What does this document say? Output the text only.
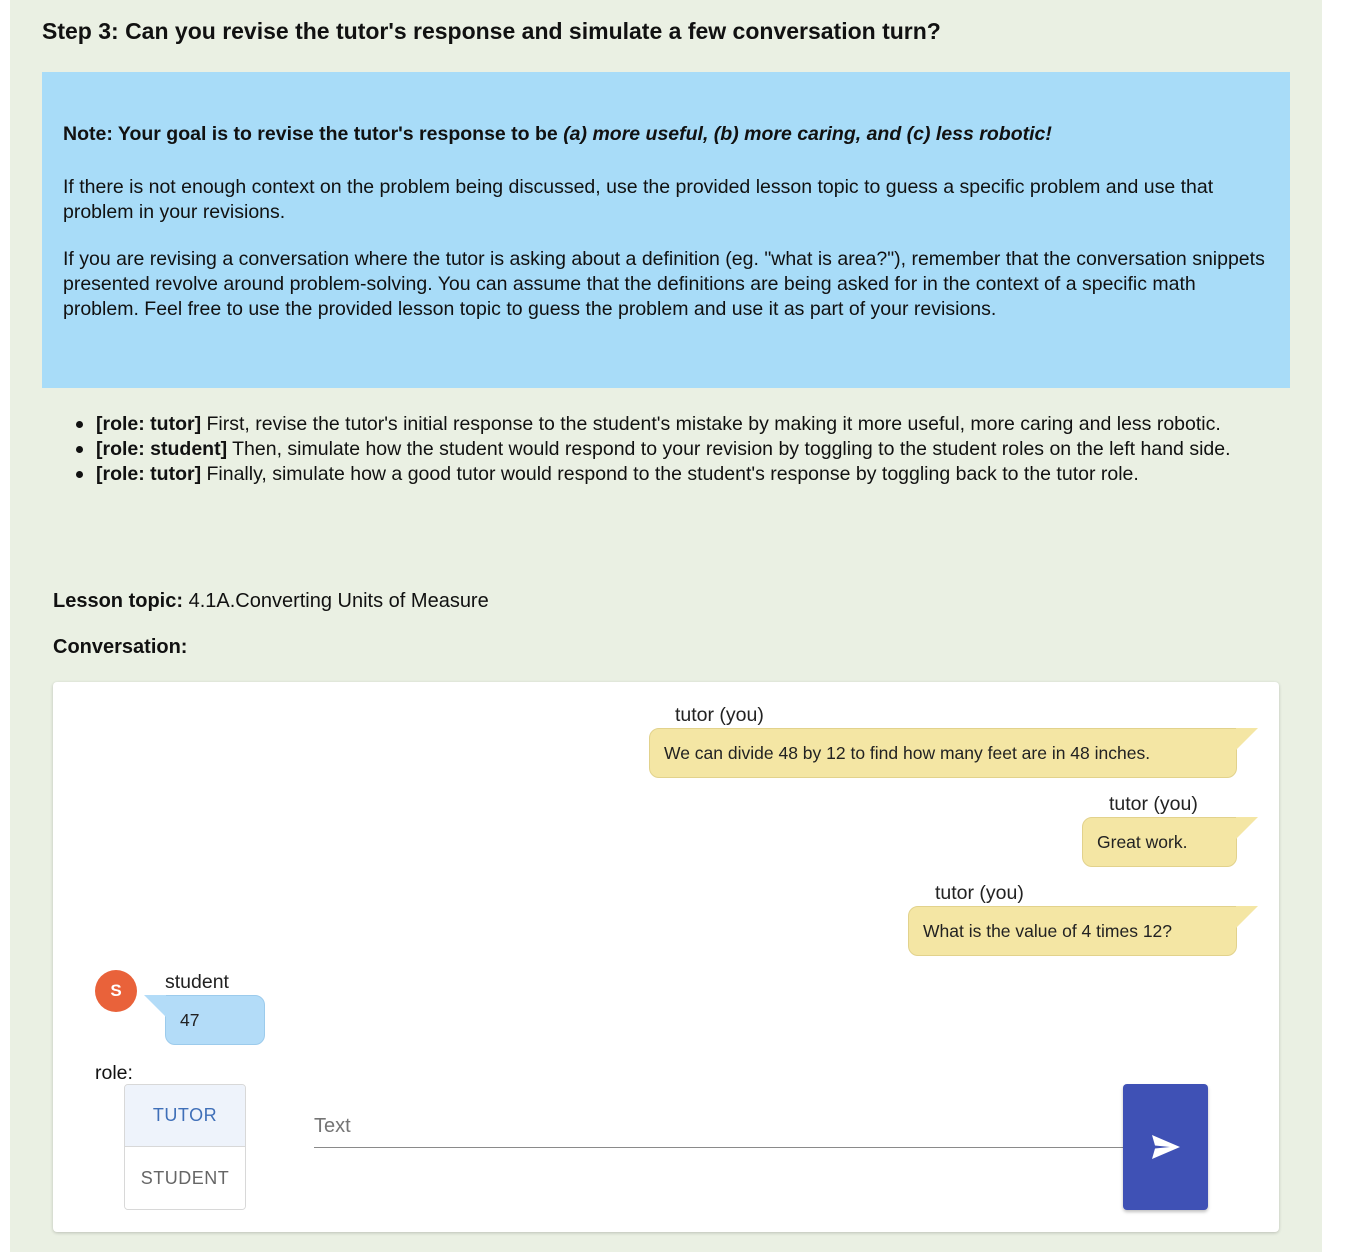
Step 3: Can you revise the tutor's response and simulate a few conversation turn?

Note: Your goal is to revise the tutor's response to be (a) more useful, (b) more caring, and (c) less robotic!

If there is not enough context on the problem being discussed, use the provided lesson topic to guess a specific problem and use that problem in your revisions.

If you are revising a conversation where the tutor is asking about a definition (eg. "what is area?"), remember that the conversation snippets presented revolve around problem-solving. You can assume that the definitions are being asked for in the context of a specific math problem. Feel free to use the provided lesson topic to guess the problem and use it as part of your revisions.

[role: tutor] First, revise the tutor's initial response to the student's mistake by making it more useful, more caring and less robotic.
[role: student] Then, simulate how the student would respond to your revision by toggling to the student roles on the left hand side.
[role: tutor] Finally, simulate how a good tutor would respond to the student's response by toggling back to the tutor role.
Lesson topic: 4.1A.Converting Units of Measure
Conversation:
tutor (you)
We can divide 48 by 12 to find how many feet are in 48 inches.
tutor (you)
Great work.
tutor (you)
What is the value of 4 times 12?
S	student
47
role:
TUTOR
STUDENT
Text
